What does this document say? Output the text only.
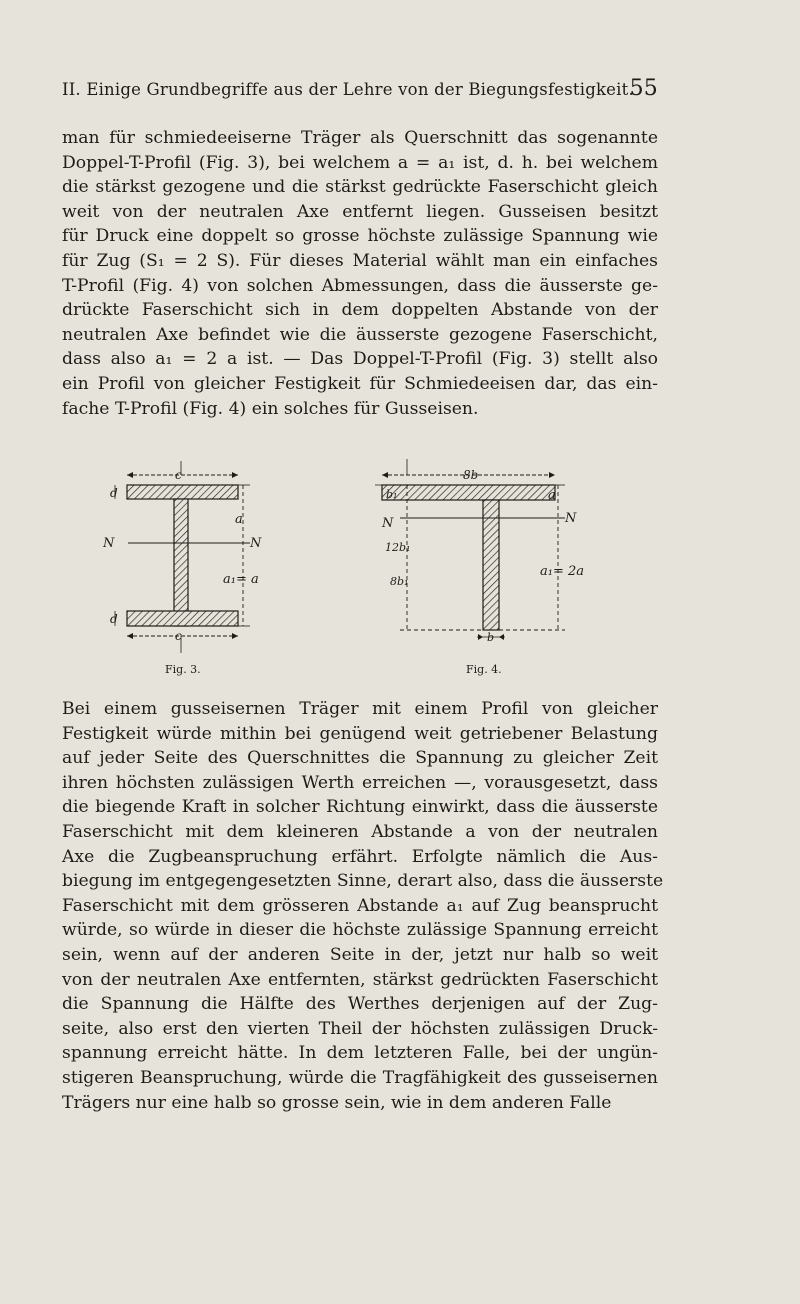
II. Einige Grundbegriffe aus der Lehre von der Biegungsfestigkeit.
55
man für schmiedeeiserne Träger als Querschnitt das sogenannte
Doppel-T-Profil (Fig. 3), bei welchem a = a₁ ist, d. h. bei welchem
die stärkst gezogene und die stärkst gedrückte Faserschicht gleich
weit von der neutralen Axe entfernt liegen. Gusseisen besitzt
für Druck eine doppelt so grosse höchste zulässige Spannung wie
für Zug (S₁ = 2 S). Für dieses Material wählt man ein einfaches
T-Profil (Fig. 4) von solchen Abmessungen, dass die äusserste ge-
drückte Faserschicht sich in dem doppelten Abstande von der
neutralen Axe befindet wie die äusserste gezogene Faserschicht,
dass also a₁ = 2 a ist. — Das Doppel-T-Profil (Fig. 3) stellt also
ein Profil von gleicher Festigkeit für Schmiedeeisen dar, das ein-
fache T-Profil (Fig. 4) ein solches für Gusseisen.
c
c
d
d
a
a₁= a
N	N
Fig. 3.
8b
b₁
12b₁
8b₁
a
a₁= 2a
N	N
b
Fig. 4.
Bei einem gusseisernen Träger mit einem Profil von gleicher
Festigkeit würde mithin bei genügend weit getriebener Belastung
auf jeder Seite des Querschnittes die Spannung zu gleicher Zeit
ihren höchsten zulässigen Werth erreichen —, vorausgesetzt, dass
die biegende Kraft in solcher Richtung einwirkt, dass die äusserste
Faserschicht mit dem kleineren Abstande a von der neutralen
Axe die Zugbeanspruchung erfährt. Erfolgte nämlich die Aus-
biegung im entgegengesetzten Sinne, derart also, dass die äusserste
Faserschicht mit dem grösseren Abstande a₁ auf Zug beansprucht
würde, so würde in dieser die höchste zulässige Spannung erreicht
sein, wenn auf der anderen Seite in der, jetzt nur halb so weit
von der neutralen Axe entfernten, stärkst gedrückten Faserschicht
die Spannung die Hälfte des Werthes derjenigen auf der Zug-
seite, also erst den vierten Theil der höchsten zulässigen Druck-
spannung erreicht hätte. In dem letzteren Falle, bei der ungün-
stigeren Beanspruchung, würde die Tragfähigkeit des gusseisernen
Trägers nur eine halb so grosse sein, wie in dem anderen Falle
